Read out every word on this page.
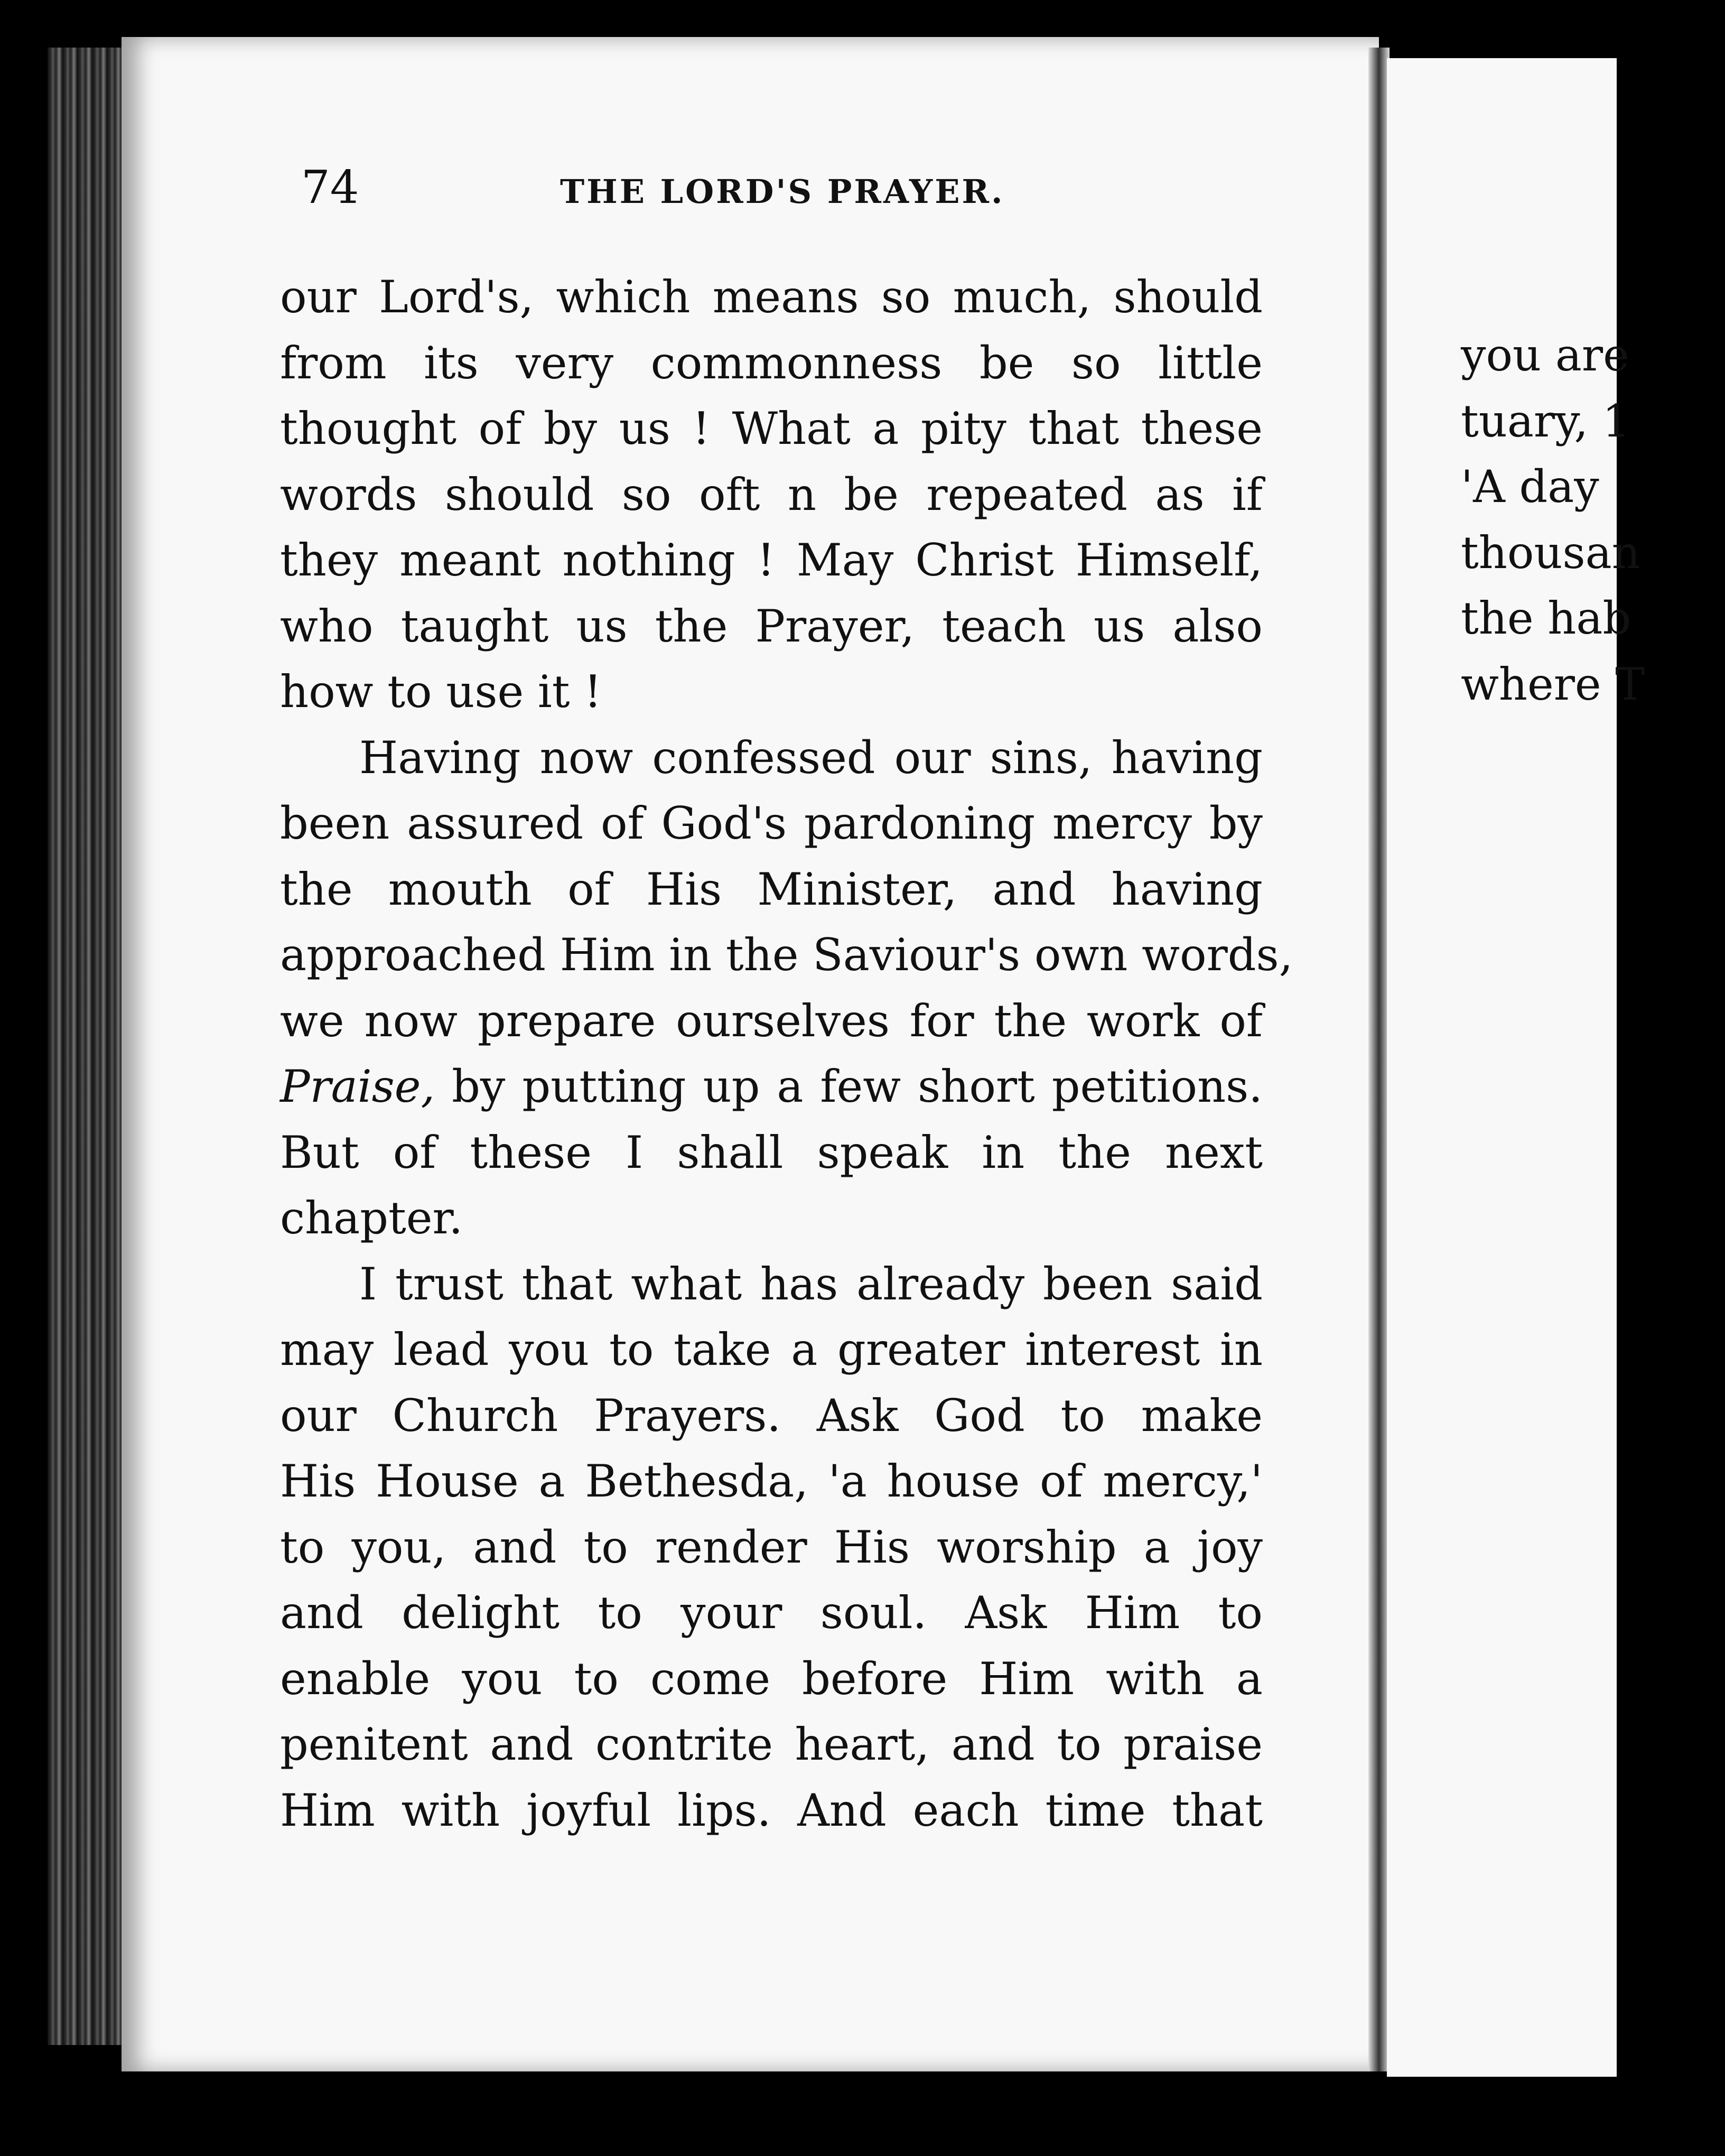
you are
tuary, 1
'A day
thousan
the hab
where T
74	THE LORD'S PRAYER.
our Lord's, which means so much, should
from its very commonness be so little
thought of by us ! What a pity that these
words should so oft n be repeated as if
they meant nothing ! May Christ Himself,
who taught us the Prayer, teach us also
how to use it !
Having now confessed our sins, having
been assured of God's pardoning mercy by
the mouth of His Minister, and having
approached Him in the Saviour's own words,
we now prepare ourselves for the work of
Praise, by putting up a few short petitions.
But of these I shall speak in the next
chapter.
I trust that what has already been said
may lead you to take a greater interest in
our Church Prayers. Ask God to make
His House a Bethesda, 'a house of mercy,'
to you, and to render His worship a joy
and delight to your soul. Ask Him to
enable you to come before Him with a
penitent and contrite heart, and to praise
Him with joyful lips. And each time that
